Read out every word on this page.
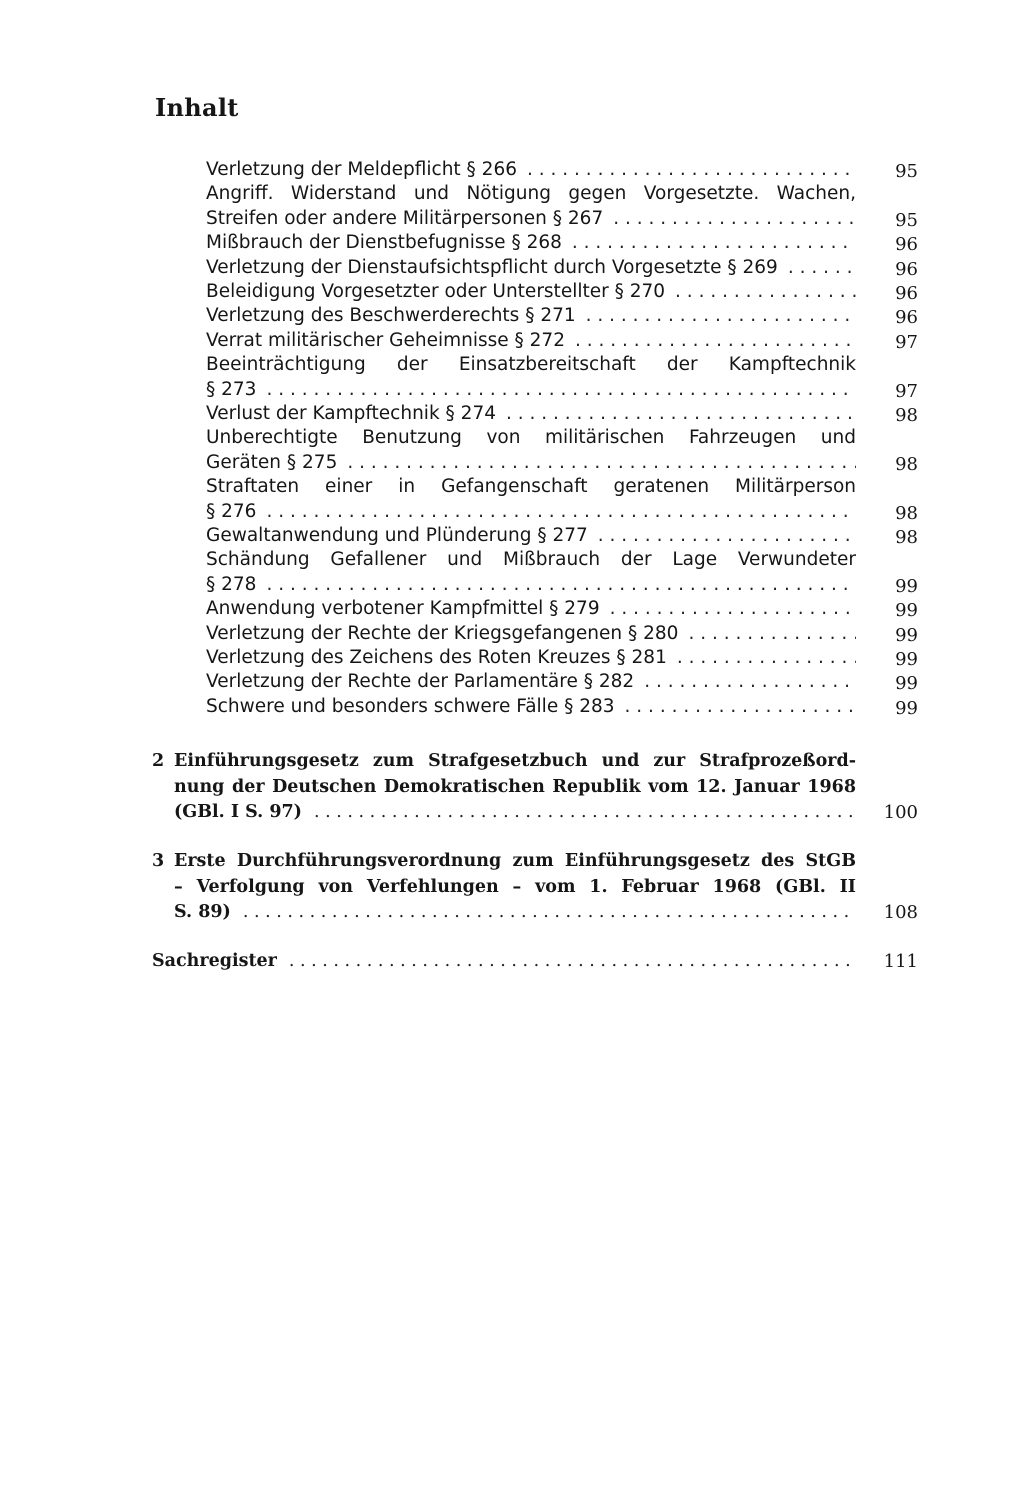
Inhalt
Verletzung der Meldepflicht § 266 . . .	95
Angriff. Widerstand und Nötigung gegen Vorgesetzte. Wachen,
Streifen oder andere Militärpersonen § 267 . . .	95
Mißbrauch der Dienstbefugnisse § 268 . . .	96
Verletzung der Dienstaufsichtspflicht durch Vorgesetzte § 269 . . .	96
Beleidigung Vorgesetzter oder Unterstellter § 270 . . .	96
Verletzung des Beschwerderechts § 271 . . .	96
Verrat militärischer Geheimnisse § 272 . . .	97
Beeinträchtigung der Einsatzbereitschaft der Kampftechnik
§ 273 . . .	97
Verlust der Kampftechnik § 274 . . .	98
Unberechtigte Benutzung von militärischen Fahrzeugen und
Geräten § 275 . . .	98
Straftaten einer in Gefangenschaft geratenen Militärperson
§ 276 . . .	98
Gewaltanwendung und Plünderung § 277 . . .	98
Schändung Gefallener und Mißbrauch der Lage Verwundeter
§ 278 . . .	99
Anwendung verbotener Kampfmittel § 279 . . .	99
Verletzung der Rechte der Kriegsgefangenen § 280 . . .	99
Verletzung des Zeichens des Roten Kreuzes § 281 . . .	99
Verletzung der Rechte der Parlamentäre § 282 . . .	99
Schwere und besonders schwere Fälle § 283 . . .	99
2 Einführungsgesetz zum Strafgesetzbuch und zur Strafprozeßord-
nung der Deutschen Demokratischen Republik vom 12. Januar 1968
(GBl. I S. 97) . . .	100
3 Erste Durchführungsverordnung zum Einführungsgesetz des StGB
– Verfolgung von Verfehlungen – vom 1. Februar 1968 (GBl. II
S. 89) . . .	108
Sachregister . . .	111
